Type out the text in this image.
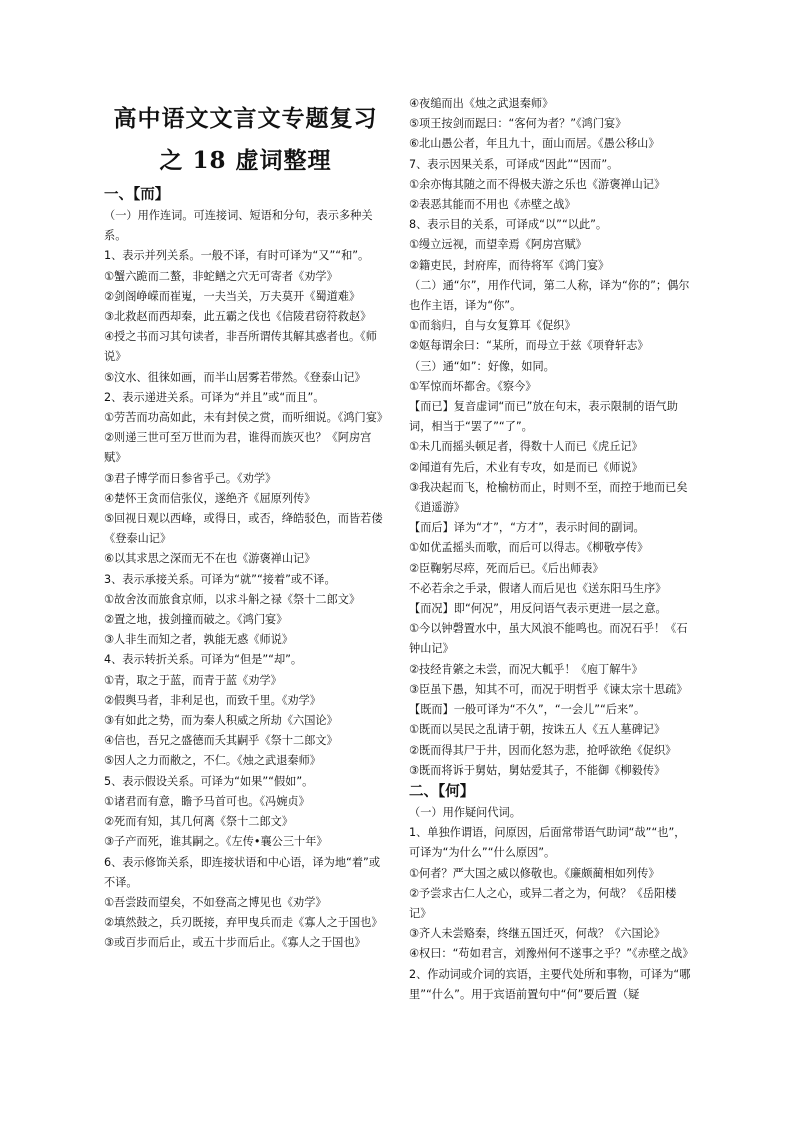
高中语文文言文专题复习
之 18 虚词整理
一、【而】
（一）用作连词。可连接词、短语和分句，表示多种关系。
1、表示并列关系。一般不译，有时可译为“又”“和”。
①蟹六跪而二螯，非蛇鳝之穴无可寄者《劝学》
②剑阁峥嵘而崔嵬，一夫当关，万夫莫开《蜀道难》
③北救赵而西却秦，此五霸之伐也《信陵君窃符救赵》
④授之书而习其句读者，非吾所谓传其解其惑者也。《师说》
⑤汶水、徂徕如画，而半山居雾若带然。《登泰山记》
2、表示递进关系。可译为“并且”或“而且”。
①劳苦而功高如此，未有封侯之赏，而听细说。《鸿门宴》
②则递三世可至万世而为君，谁得而族灭也？《阿房宫赋》
③君子博学而日参省乎己。《劝学》
④楚怀王贪而信张仪，遂绝齐《屈原列传》
⑤回视日观以西峰，或得日，或否，绛皓驳色，而皆若偻《登泰山记》
⑥以其求思之深而无不在也《游褒禅山记》
3、表示承接关系。可译为“就”“接着”或不译。
①故舍汝而旅食京师，以求斗斛之禄《祭十二郎文》
②置之地，拔剑撞而破之。《鸿门宴》
③人非生而知之者，孰能无惑《师说》
4、表示转折关系。可译为“但是”“却”。
①青，取之于蓝，而青于蓝《劝学》
②假舆马者，非利足也，而致千里。《劝学》
③有如此之势，而为秦人积威之所劫《六国论》
④信也，吾兄之盛德而夭其嗣乎《祭十二郎文》
⑤因人之力而敝之，不仁。《烛之武退秦师》
5、表示假设关系。可译为“如果”“假如”。
①诸君而有意，瞻予马首可也。《冯婉贞》
②死而有知，其几何离《祭十二郎文》
③子产而死，谁其嗣之。《左传•襄公三十年》
6、表示修饰关系，即连接状语和中心语，译为地“着”或不译。
①吾尝跂而望矣，不如登高之博见也《劝学》
②填然鼓之，兵刃既接，弃甲曳兵而走《寡人之于国也》
③或百步而后止，或五十步而后止。《寡人之于国也》
④夜缒而出《烛之武退秦师》
⑤项王按剑而跽曰：“客何为者？”《鸿门宴》
⑥北山愚公者，年且九十，面山而居。《愚公移山》
7、表示因果关系，可译成“因此”“因而”。
①余亦悔其随之而不得极夫游之乐也《游褒禅山记》
②表恶其能而不用也《赤壁之战》
8、表示目的关系，可译成“以”“以此”。
①缦立远视，而望幸焉《阿房宫赋》
②籍吏民，封府库，而待将军《鸿门宴》
（二）通“尔”，用作代词，第二人称，译为“你的”；偶尔也作主语，译为“你”。
①而翁归，自与女复算耳《促织》
②妪每谓余曰：“某所，而母立于兹《项脊轩志》
（三）通“如”：好像，如同。
①军惊而坏都舍。《察今》
【而已】复音虚词“而已”放在句末，表示限制的语气助词，相当于“罢了”“了”。
①未几而摇头顿足者，得数十人而已《虎丘记》
②闻道有先后，术业有专攻，如是而已《师说》
③我决起而飞，枪榆枋而止，时则不至，而控于地而已矣《逍遥游》
【而后】译为“才”，“方才”，表示时间的副词。
①如优孟摇头而歌，而后可以得志。《柳敬亭传》
②臣鞠躬尽瘁，死而后已。《后出师表》
不必若余之手录，假诸人而后见也《送东阳马生序》
【而况】即“何况”，用反问语气表示更进一层之意。
①今以钟磬置水中，虽大风浪不能鸣也。而况石乎！《石钟山记》
②技经肯綮之未尝，而况大軱乎！《庖丁解牛》
③臣虽下愚，知其不可，而况于明哲乎《谏太宗十思疏》
【既而】一般可译为“不久”，“一会儿”“后来”。
①既而以吴民之乱请于朝，按诛五人《五人墓碑记》
②既而得其尸于井，因而化怒为悲，抢呼欲绝《促织》
③既而将诉于舅姑，舅姑爱其子，不能御《柳毅传》
二、【何】
（一）用作疑问代词。
1、单独作谓语，问原因，后面常带语气助词“哉”“也”，可译为“为什么”“什么原因”。
①何者？严大国之威以修敬也。《廉颇蔺相如列传》
②予尝求古仁人之心，或异二者之为，何哉？《岳阳楼记》
③齐人未尝赂秦，终继五国迁灭，何哉？《六国论》
④权曰：“苟如君言，刘豫州何不遂事之乎？”《赤壁之战》
2、作动词或介词的宾语，主要代处所和事物，可译为“哪里”“什么”。用于宾语前置句中“何”要后置（疑
